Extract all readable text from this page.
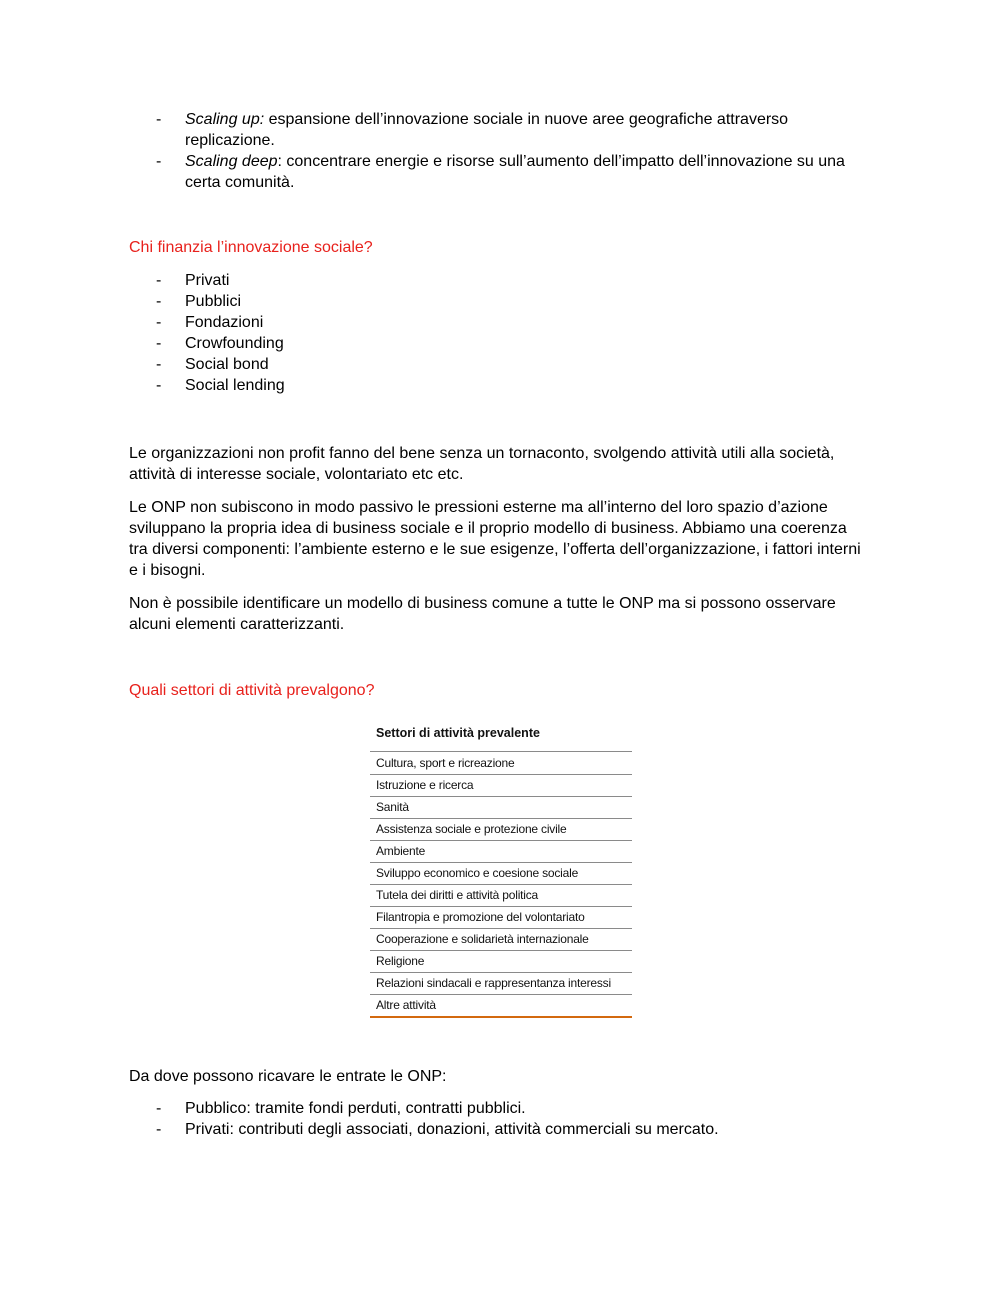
- Scaling up: espansione dell’innovazione sociale in nuove aree geografiche attraverso replicazione.
- Scaling deep: concentrare energie e risorse sull’aumento dell’impatto dell’innovazione su una certa comunità.

Chi finanzia l’innovazione sociale?

- Privati
- Pubblici
- Fondazioni
- Crowfounding
- Social bond
- Social lending

Le organizzazioni non profit fanno del bene senza un tornaconto, svolgendo attività utili alla società, attività di interesse sociale, volontariato etc etc.

Le ONP non subiscono in modo passivo le pressioni esterne ma all’interno del loro spazio d’azione sviluppano la propria idea di business sociale e il proprio modello di business. Abbiamo una coerenza tra diversi componenti: l’ambiente esterno e le sue esigenze, l’offerta dell’organizzazione, i fattori interni e i bisogni.

Non è possibile identificare un modello di business comune a tutte le ONP ma si possono osservare alcuni elementi caratterizzanti.

Quali settori di attività prevalgono?

Settori di attività prevalente
Cultura, sport e ricreazione
Istruzione e ricerca
Sanità
Assistenza sociale e protezione civile
Ambiente
Sviluppo economico e coesione sociale
Tutela dei diritti e attività politica
Filantropia e promozione del volontariato
Cooperazione e solidarietà internazionale
Religione
Relazioni sindacali e rappresentanza interessi
Altre attività

Da dove possono ricavare le entrate le ONP:

- Pubblico: tramite fondi perduti, contratti pubblici.
- Privati: contributi degli associati, donazioni, attività commerciali su mercato.
